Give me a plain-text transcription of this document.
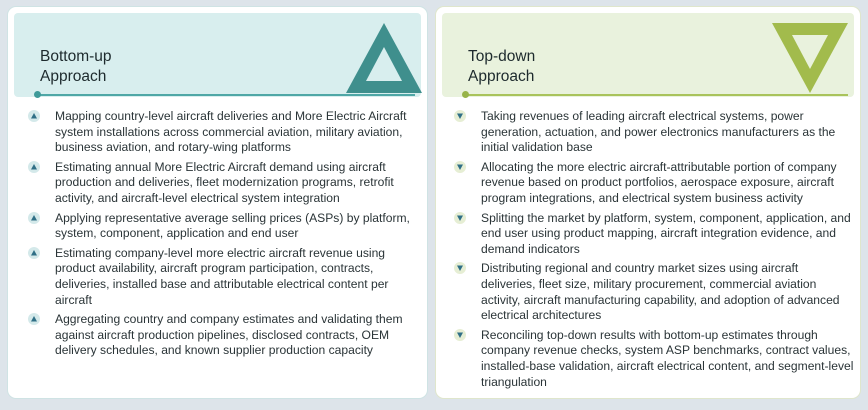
Bottom-up
Approach
Mapping country-level aircraft deliveries and More Electric Aircraft system installations across commercial aviation, military aviation, business aviation, and rotary-wing platforms
Estimating annual More Electric Aircraft demand using aircraft production and deliveries, fleet modernization programs, retrofit activity, and aircraft-level electrical system integration
Applying representative average selling prices (ASPs) by platform, system, component, application and end user
Estimating company-level more electric aircraft revenue using product availability, aircraft program participation, contracts, deliveries, installed base and attributable electrical content per aircraft
Aggregating country and company estimates and validating them against aircraft production pipelines, disclosed contracts, OEM delivery schedules, and known supplier production capacity
Top-down
Approach
Taking revenues of leading aircraft electrical systems, power generation, actuation, and power electronics manufacturers as the initial validation base
Allocating the more electric aircraft-attributable portion of company revenue based on product portfolios, aerospace exposure, aircraft program integrations, and electrical system business activity
Splitting the market by platform, system, component, application, and end user using product mapping, aircraft integration evidence, and demand indicators
Distributing regional and country market sizes using aircraft deliveries, fleet size, military procurement, commercial aviation activity, aircraft manufacturing capability, and adoption of advanced electrical architectures
Reconciling top-down results with bottom-up estimates through company revenue checks, system ASP benchmarks, contract values, installed-base validation, aircraft electrical content, and segment-level triangulation
